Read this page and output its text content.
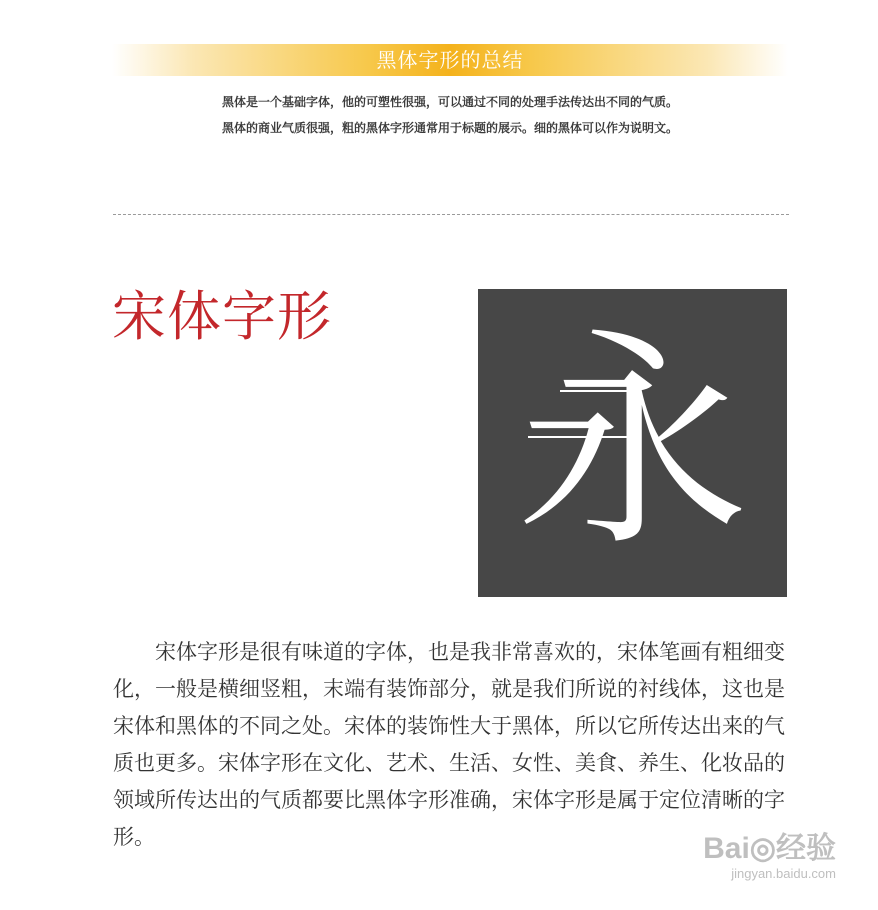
黑体字形的总结
黑体是一个基础字体，他的可塑性很强，可以通过不同的处理手法传达出不同的气质。
黑体的商业气质很强，粗的黑体字形通常用于标题的展示。细的黑体可以作为说明文。
宋体字形 永

宋体字形是很有味道的字体，也是我非常喜欢的，宋体笔画有粗细变化，一般是横细竖粗，末端有装饰部分，就是我们所说的衬线体，这也是宋体和黑体的不同之处。宋体的装饰性大于黑体，所以它所传达出来的气质也更多。宋体字形在文化、艺术、生活、女性、美食、养生、化妆品的领域所传达出的气质都要比黑体字形准确，宋体字形是属于定位清晰的字形。	Bai◎经验
jingyan.baidu.com
